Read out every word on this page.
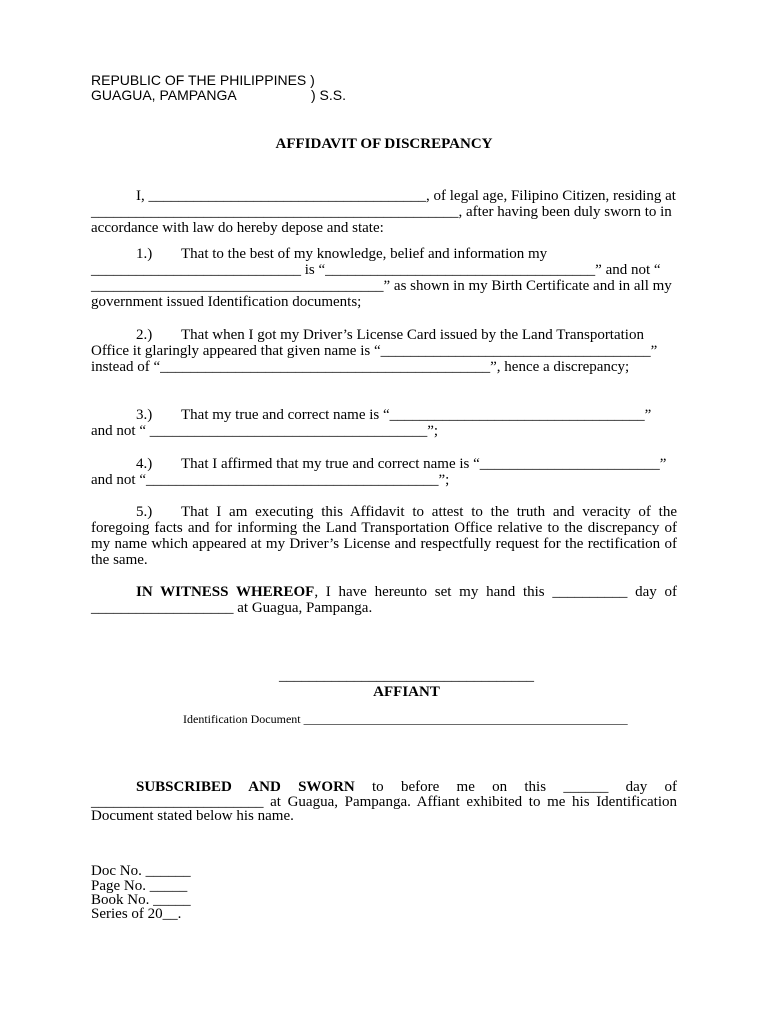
REPUBLIC OF THE PHILIPPINES )
GUAGUA, PAMPANGA	) S.S.
AFFIDAVIT OF DISCREPANCY
I, _____________________________________, of legal age, Filipino Citizen, residing at
_________________________________________________, after having been duly sworn to in
accordance with law do hereby depose and state:
1.) That to the best of my knowledge, belief and information my
____________________________ is “____________________________________” and not “
_______________________________________” as shown in my Birth Certificate and in all my
government issued Identification documents;
2.) That when I got my Driver’s License Card issued by the Land Transportation
Office it glaringly appeared that given name is “____________________________________”
instead of “____________________________________________”, hence a discrepancy;
3.) That my true and correct name is “__________________________________”
and not “ _____________________________________”;
4.) That I affirmed that my true and correct name is “________________________”
and not “_______________________________________”;
5.) That I am executing this Affidavit to attest to the truth and veracity of the
foregoing facts and for informing the Land Transportation Office relative to the discrepancy of
my name which appeared at my Driver’s License and respectfully request for the rectification of
the same.
IN WITNESS WHEREOF, I have hereunto set my hand this __________ day of
___________________ at Guagua, Pampanga.
__________________________________
AFFIANT
Identification Document ______________________________________________________
SUBSCRIBED AND SWORN to before me on this ______ day of
_______________________ at Guagua, Pampanga. Affiant exhibited to me his Identification
Document stated below his name.
Doc No. ______
Page No. _____
Book No. _____
Series of 20__.
